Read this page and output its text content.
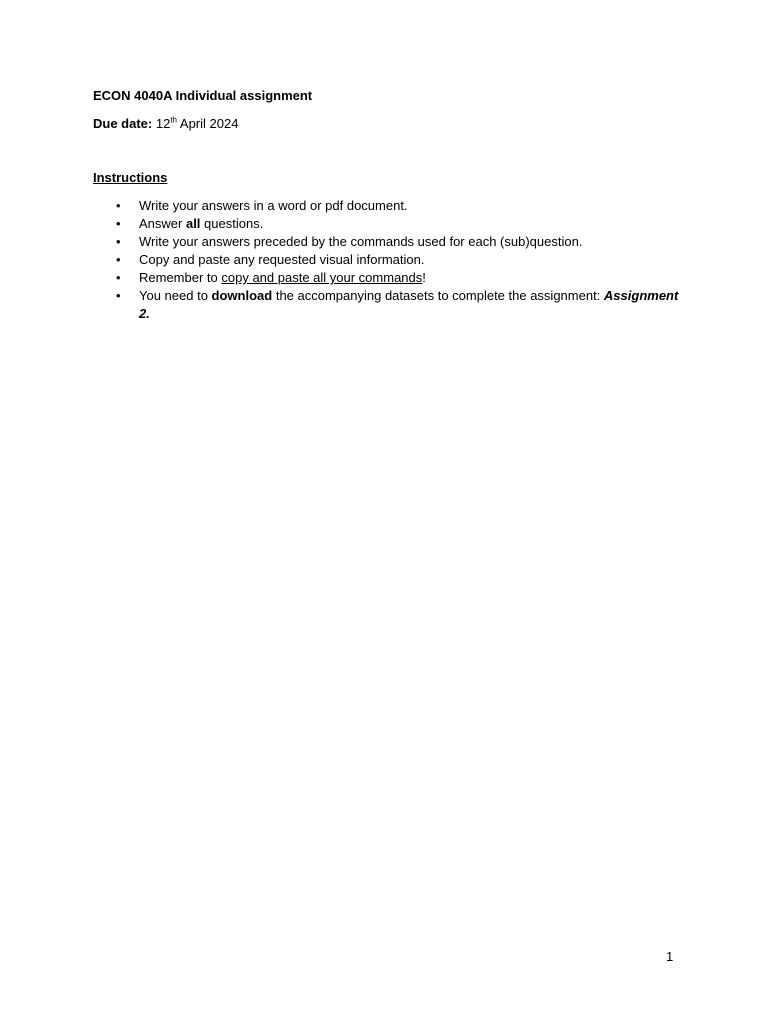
ECON 4040A Individual assignment
Due date: 12th April 2024
Instructions
• Write your answers in a word or pdf document.
• Answer all questions.
• Write your answers preceded by the commands used for each (sub)question.
• Copy and paste any requested visual information.
• Remember to copy and paste all your commands!
• You need to download the accompanying datasets to complete the assignment: Assignment 2.
1
